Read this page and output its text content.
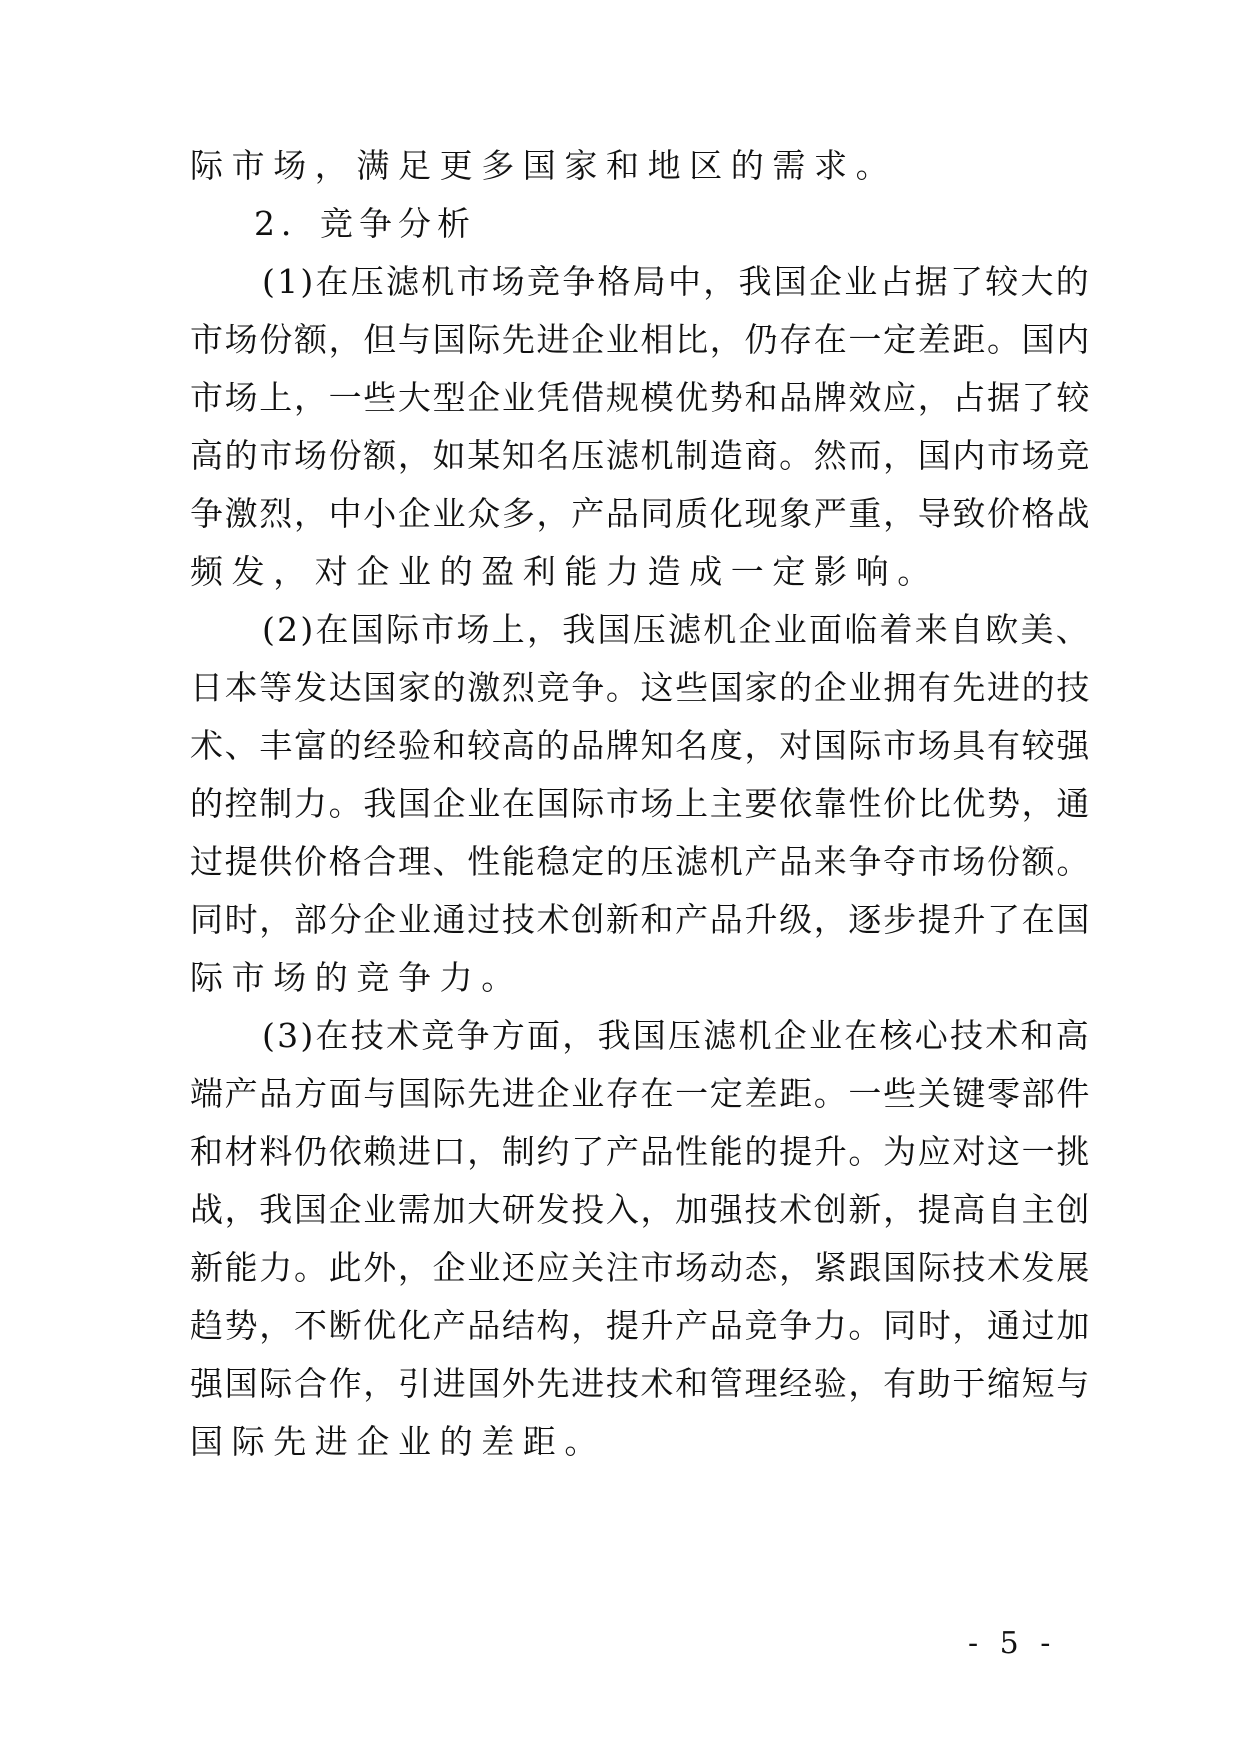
际市场，满足更多国家和地区的需求。
2．竞争分析
(1)在压滤机市场竞争格局中，我国企业占据了较大的
市场份额，但与国际先进企业相比，仍存在一定差距。国内
市场上，一些大型企业凭借规模优势和品牌效应，占据了较
高的市场份额，如某知名压滤机制造商。然而，国内市场竞
争激烈，中小企业众多，产品同质化现象严重，导致价格战
频发，对企业的盈利能力造成一定影响。
(2)在国际市场上，我国压滤机企业面临着来自欧美、
日本等发达国家的激烈竞争。这些国家的企业拥有先进的技
术、丰富的经验和较高的品牌知名度，对国际市场具有较强
的控制力。我国企业在国际市场上主要依靠性价比优势，通
过提供价格合理、性能稳定的压滤机产品来争夺市场份额。
同时，部分企业通过技术创新和产品升级，逐步提升了在国
际市场的竞争力。
(3)在技术竞争方面，我国压滤机企业在核心技术和高
端产品方面与国际先进企业存在一定差距。一些关键零部件
和材料仍依赖进口，制约了产品性能的提升。为应对这一挑
战，我国企业需加大研发投入，加强技术创新，提高自主创
新能力。此外，企业还应关注市场动态，紧跟国际技术发展
趋势，不断优化产品结构，提升产品竞争力。同时，通过加
强国际合作，引进国外先进技术和管理经验，有助于缩短与
国际先进企业的差距。
- 5 -
